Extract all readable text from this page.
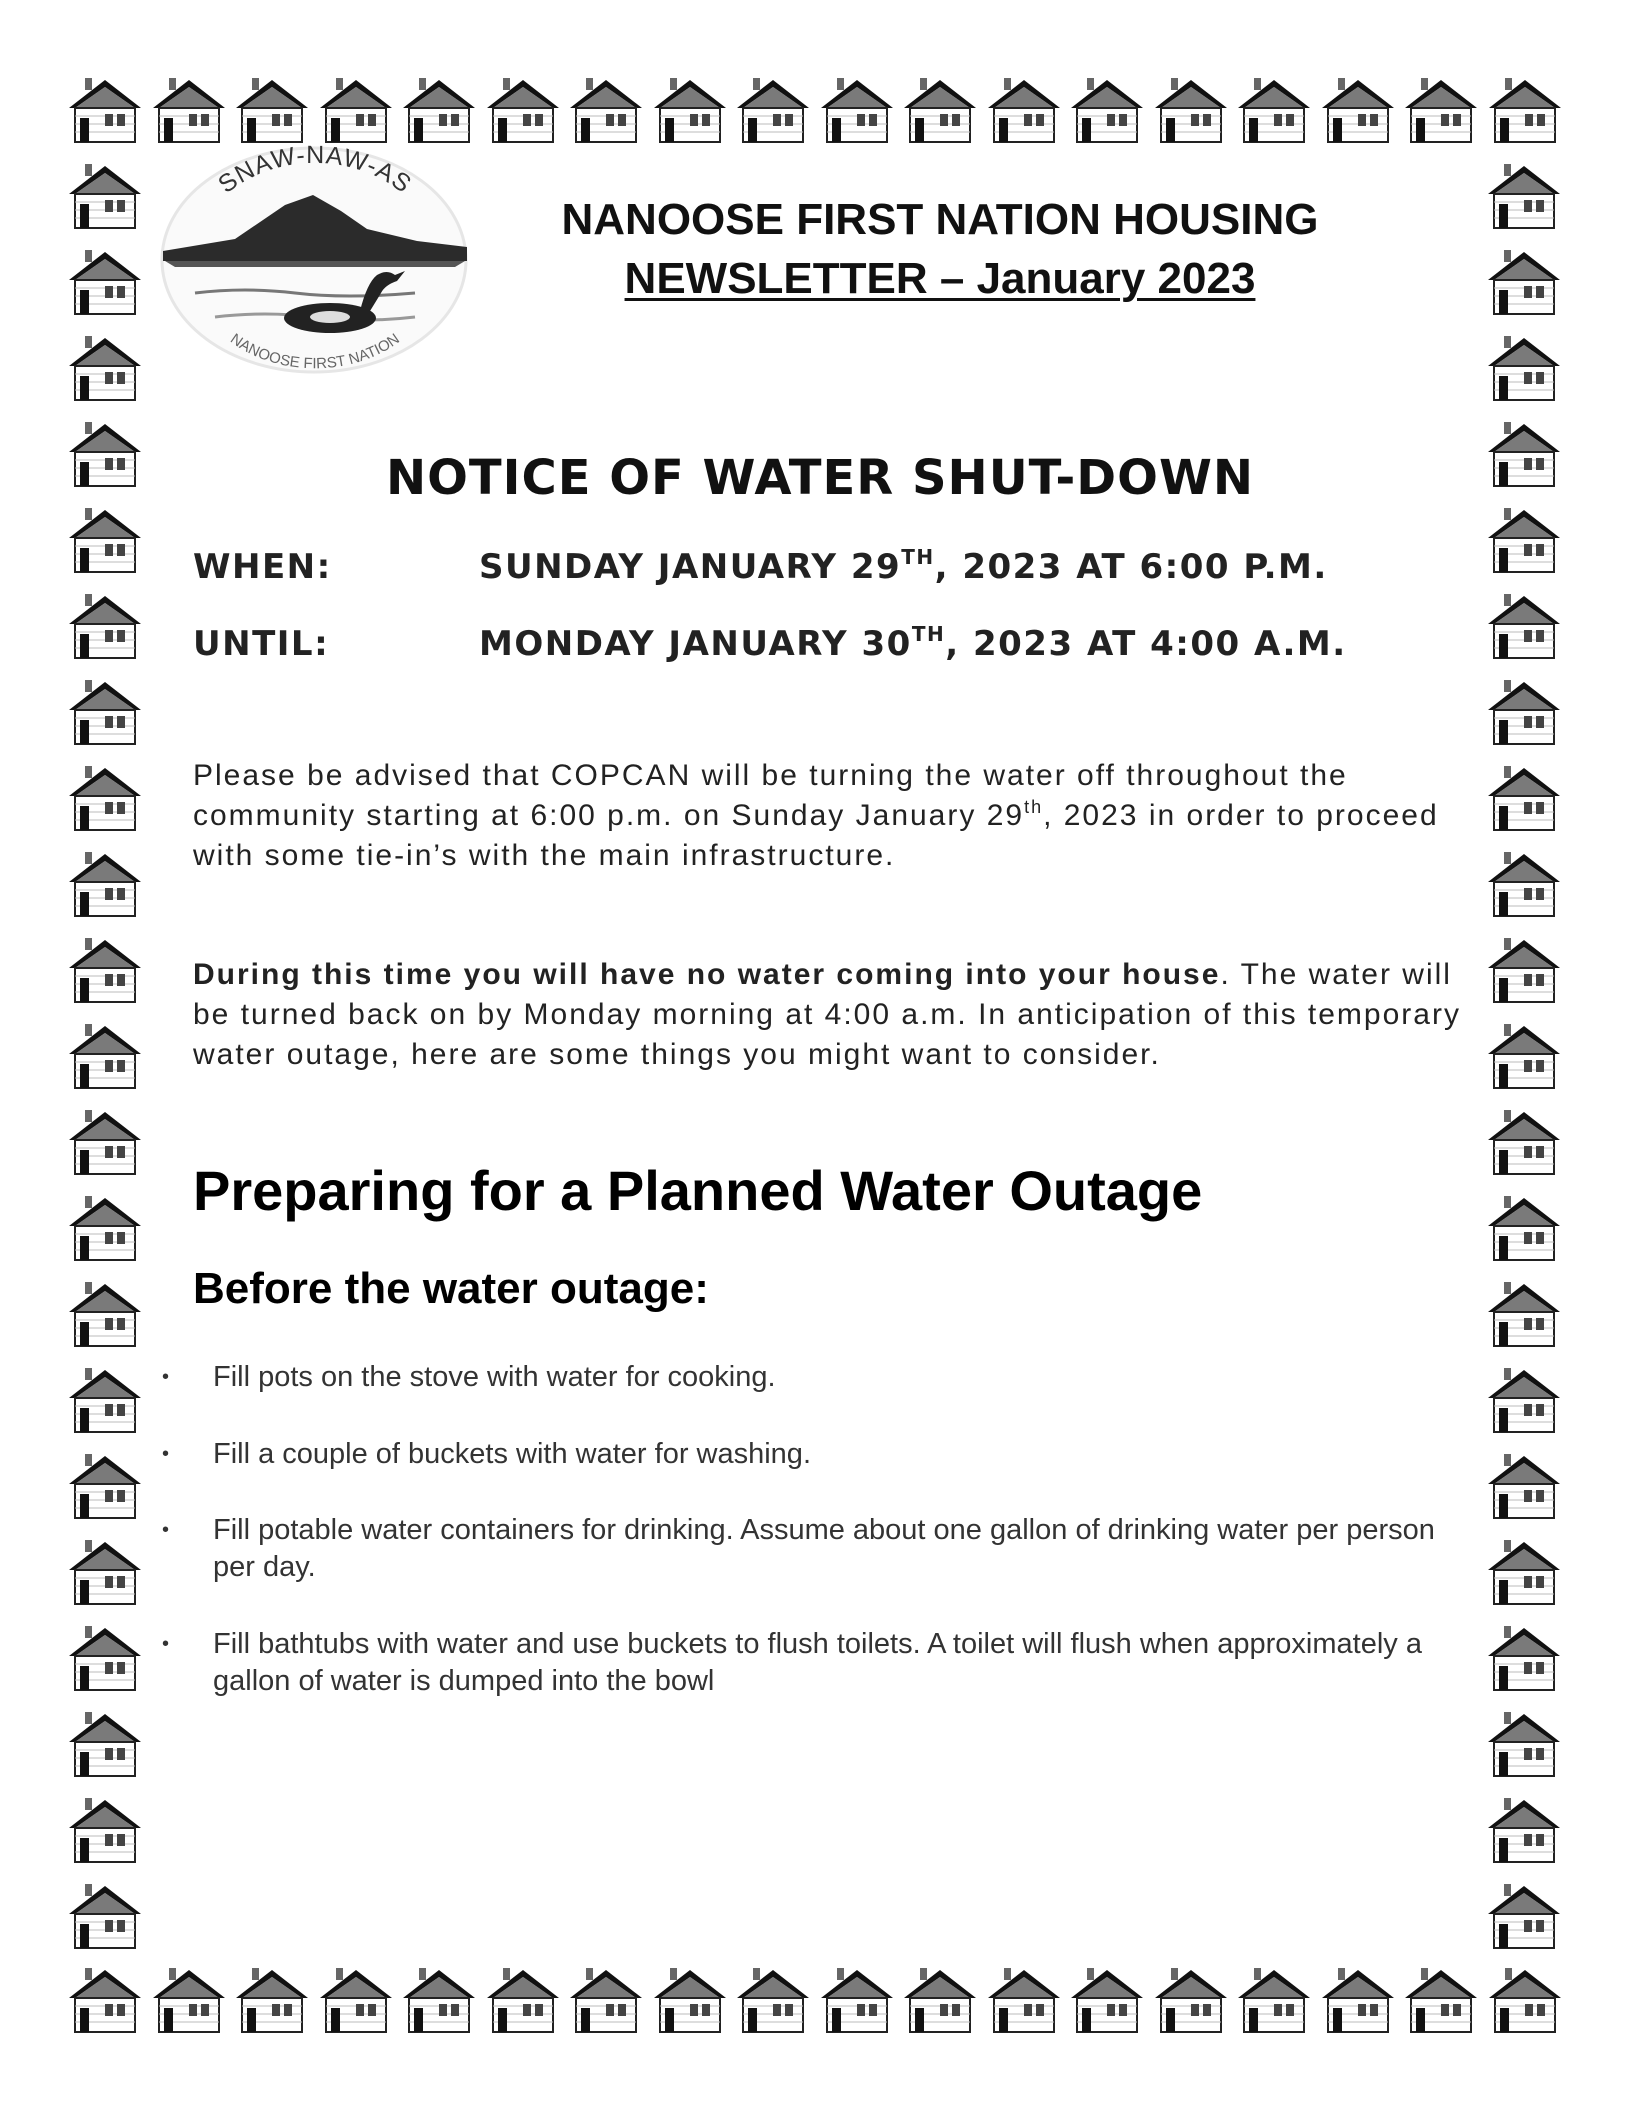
SNAW-NAW-AS
NANOOSE FIRST NATION
NANOOSE FIRST NATION HOUSING
NEWSLETTER – January 2023
NOTICE OF WATER SHUT-DOWN
WHEN:	SUNDAY JANUARY 29TH, 2023 AT 6:00 P.M.
UNTIL:	MONDAY JANUARY 30TH, 2023 AT 4:00 A.M.
Please be advised that COPCAN will be turning the water off throughout the community starting at 6:00 p.m. on Sunday January 29th, 2023 in order to proceed with some tie-in’s with the main infrastructure.
During this time you will have no water coming into your house. The water will be turned back on by Monday morning at 4:00 a.m. In anticipation of this temporary water outage, here are some things you might want to consider.
Preparing for a Planned Water Outage
Before the water outage:
• Fill pots on the stove with water for cooking.
• Fill a couple of buckets with water for washing.
• Fill potable water containers for drinking. Assume about one gallon of drinking water per person per day.
• Fill bathtubs with water and use buckets to flush toilets. A toilet will flush when approximately a gallon of water is dumped into the bowl
